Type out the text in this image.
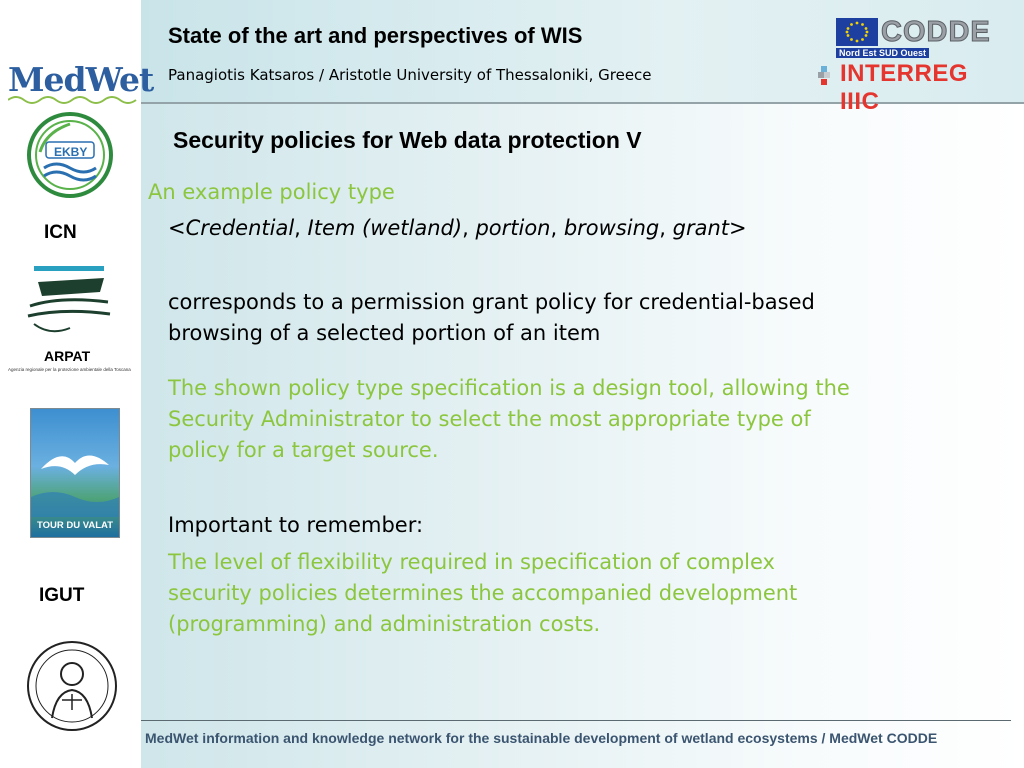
State of the art and perspectives of WIS
Panagiotis Katsaros / Aristotle University of Thessaloniki, Greece
CODDE
Nord Est SUD Ouest
INTERREG IIIC
MedWet
EKBY
ICN
ARPAT
Agenzia regionale per la protezione ambientale della Toscana
TOUR DU VALAT
IGUT
Security policies for Web data protection V
An example policy type
<Credential, Item (wetland), portion, browsing, grant>
corresponds to a permission grant policy for credential-based
browsing of a selected portion of an item
The shown policy type specification is a design tool, allowing the
Security Administrator to select the most appropriate type of
policy for a target source.
Important to remember:
The level of flexibility required in specification of complex
security policies determines the accompanied development
(programming) and administration costs.
MedWet information and knowledge network for the sustainable development of wetland ecosystems / MedWet CODDE
